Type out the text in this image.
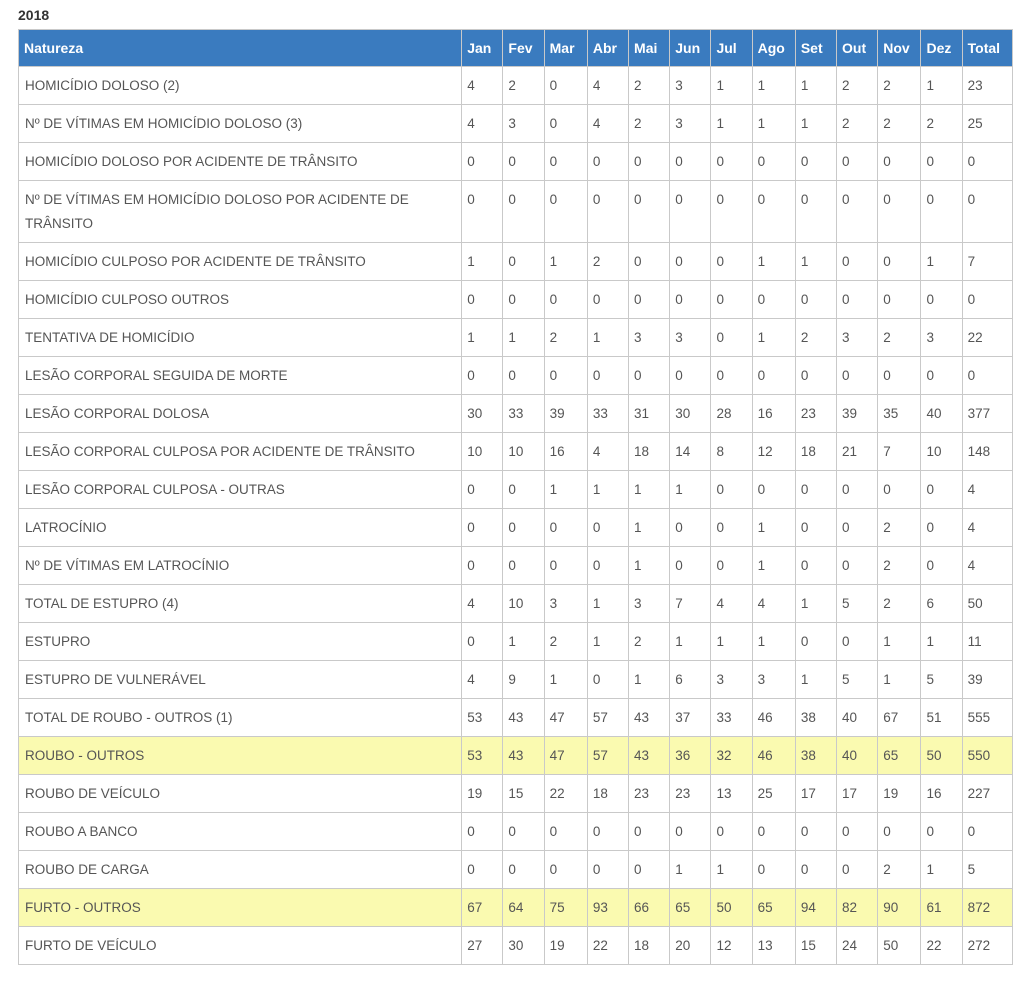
2018
Natureza	Jan	Fev	Mar	Abr	Mai	Jun	Jul	Ago	Set	Out	Nov	Dez	Total
HOMICÍDIO DOLOSO (2)	4	2	0	4	2	3	1	1	1	2	2	1	23
Nº DE VÍTIMAS EM HOMICÍDIO DOLOSO (3)	4	3	0	4	2	3	1	1	1	2	2	2	25
HOMICÍDIO DOLOSO POR ACIDENTE DE TRÂNSITO	0	0	0	0	0	0	0	0	0	0	0	0	0
Nº DE VÍTIMAS EM HOMICÍDIO DOLOSO POR ACIDENTE DE TRÂNSITO	0	0	0	0	0	0	0	0	0	0	0	0	0
HOMICÍDIO CULPOSO POR ACIDENTE DE TRÂNSITO	1	0	1	2	0	0	0	1	1	0	0	1	7
HOMICÍDIO CULPOSO OUTROS	0	0	0	0	0	0	0	0	0	0	0	0	0
TENTATIVA DE HOMICÍDIO	1	1	2	1	3	3	0	1	2	3	2	3	22
LESÃO CORPORAL SEGUIDA DE MORTE	0	0	0	0	0	0	0	0	0	0	0	0	0
LESÃO CORPORAL DOLOSA	30	33	39	33	31	30	28	16	23	39	35	40	377
LESÃO CORPORAL CULPOSA POR ACIDENTE DE TRÂNSITO	10	10	16	4	18	14	8	12	18	21	7	10	148
LESÃO CORPORAL CULPOSA - OUTRAS	0	0	1	1	1	1	0	0	0	0	0	0	4
LATROCÍNIO	0	0	0	0	1	0	0	1	0	0	2	0	4
Nº DE VÍTIMAS EM LATROCÍNIO	0	0	0	0	1	0	0	1	0	0	2	0	4
TOTAL DE ESTUPRO (4)	4	10	3	1	3	7	4	4	1	5	2	6	50
ESTUPRO	0	1	2	1	2	1	1	1	0	0	1	1	11
ESTUPRO DE VULNERÁVEL	4	9	1	0	1	6	3	3	1	5	1	5	39
TOTAL DE ROUBO - OUTROS (1)	53	43	47	57	43	37	33	46	38	40	67	51	555
ROUBO - OUTROS	53	43	47	57	43	36	32	46	38	40	65	50	550
ROUBO DE VEÍCULO	19	15	22	18	23	23	13	25	17	17	19	16	227
ROUBO A BANCO	0	0	0	0	0	0	0	0	0	0	0	0	0
ROUBO DE CARGA	0	0	0	0	0	1	1	0	0	0	2	1	5
FURTO - OUTROS	67	64	75	93	66	65	50	65	94	82	90	61	872
FURTO DE VEÍCULO	27	30	19	22	18	20	12	13	15	24	50	22	272
